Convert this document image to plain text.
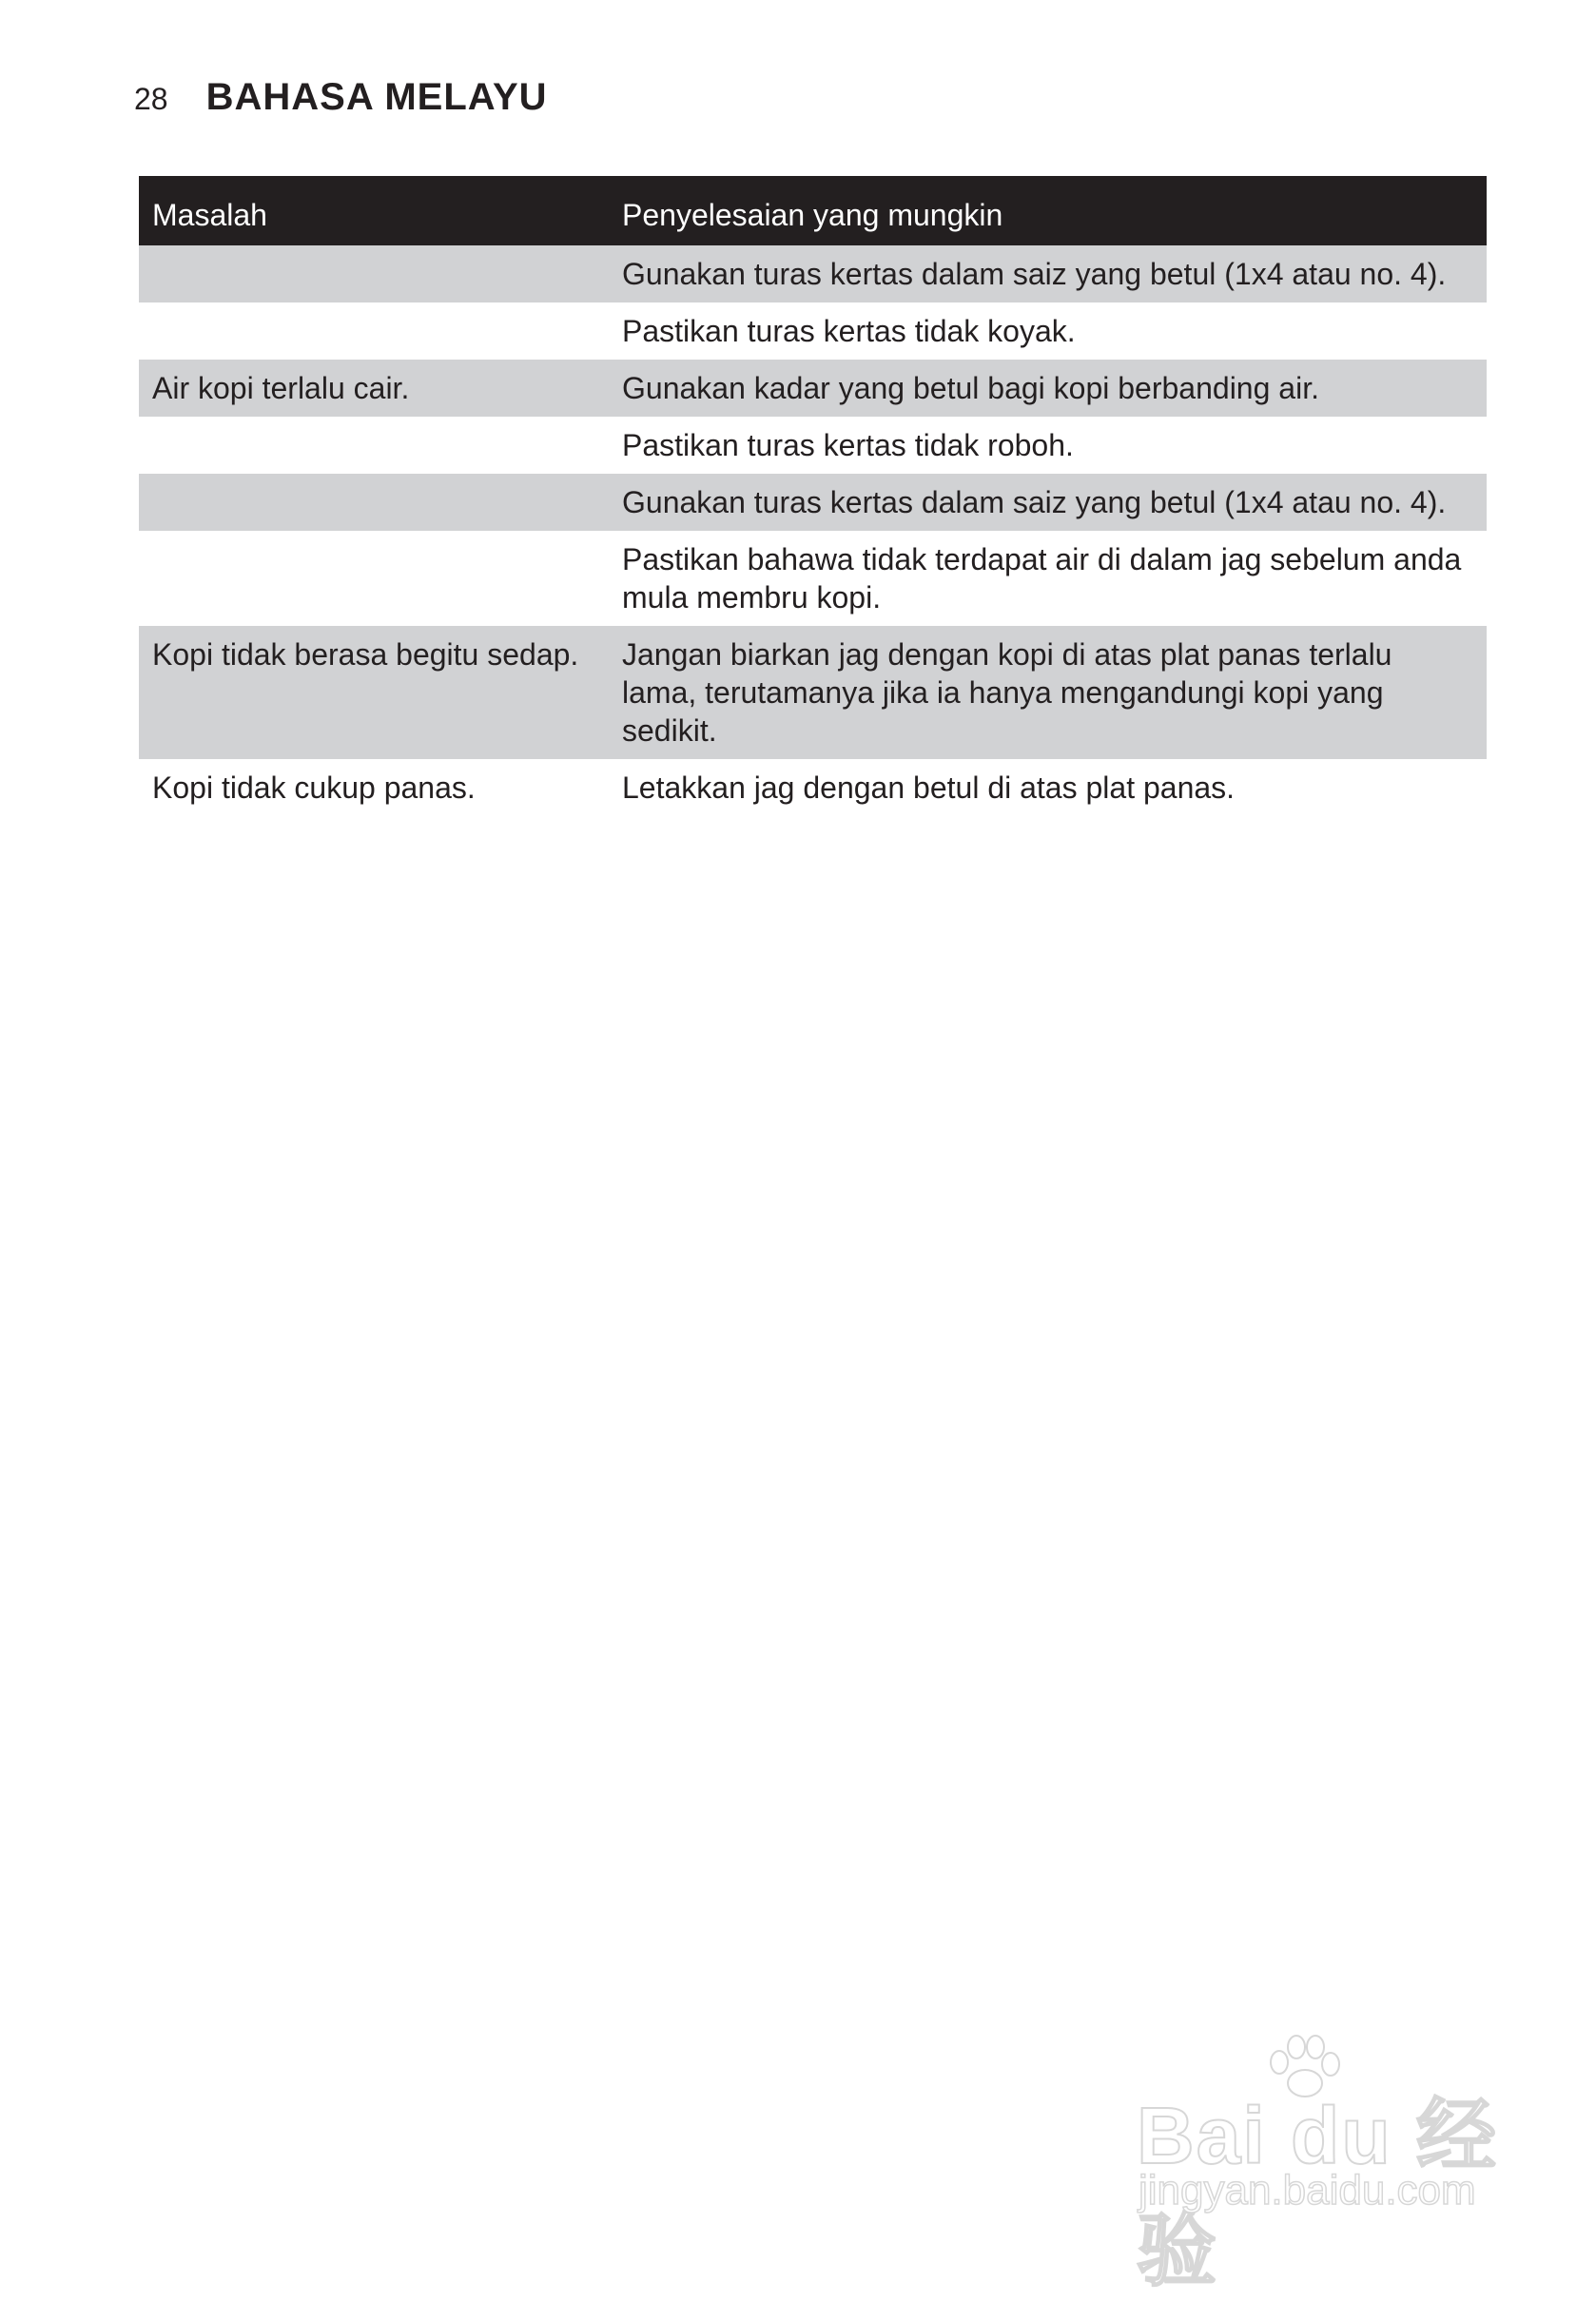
28 BAHASA MELAYU
Masalah	Penyelesaian yang mungkin
	Gunakan turas kertas dalam saiz yang betul (1x4 atau no. 4).
	Pastikan turas kertas tidak koyak.
Air kopi terlalu cair.	Gunakan kadar yang betul bagi kopi berbanding air.
	Pastikan turas kertas tidak roboh.
	Gunakan turas kertas dalam saiz yang betul (1x4 atau no. 4).
	Pastikan bahawa tidak terdapat air di dalam jag sebelum anda mula membru kopi.
Kopi tidak berasa begitu sedap.	Jangan biarkan jag dengan kopi di atas plat panas terlalu lama, terutamanya jika ia hanya mengandungi kopi yang sedikit.
Kopi tidak cukup panas.	Letakkan jag dengan betul di atas plat panas.
Bai du 经验
jingyan.baidu.com
